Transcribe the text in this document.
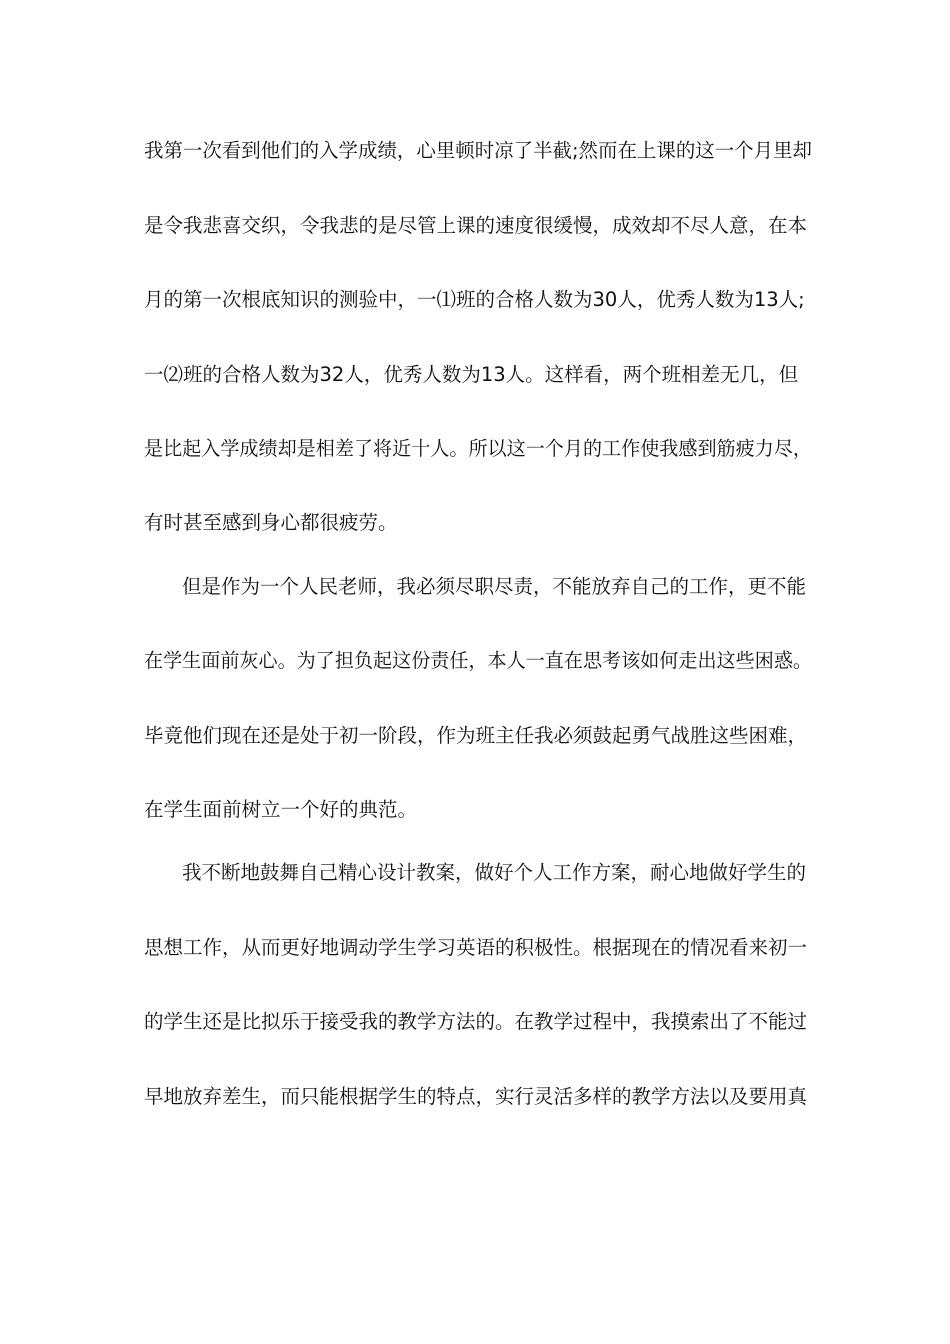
我第一次看到他们的入学成绩，心里顿时凉了半截;然而在上课的这一个月里却
是令我悲喜交织，令我悲的是尽管上课的速度很缓慢，成效却不尽人意，在本
月的第一次根底知识的测验中，一⑴班的合格人数为30人，优秀人数为13人;
一⑵班的合格人数为32人，优秀人数为13人。这样看，两个班相差无几，但
是比起入学成绩却是相差了将近十人。所以这一个月的工作使我感到筋疲力尽，
有时甚至感到身心都很疲劳。
但是作为一个人民老师，我必须尽职尽责，不能放弃自己的工作，更不能
在学生面前灰心。为了担负起这份责任，本人一直在思考该如何走出这些困惑。
毕竟他们现在还是处于初一阶段，作为班主任我必须鼓起勇气战胜这些困难，
在学生面前树立一个好的典范。
我不断地鼓舞自己精心设计教案，做好个人工作方案，耐心地做好学生的
思想工作，从而更好地调动学生学习英语的积极性。根据现在的情况看来初一
的学生还是比拟乐于接受我的教学方法的。在教学过程中，我摸索出了不能过
早地放弃差生，而只能根据学生的特点，实行灵活多样的教学方法以及要用真
